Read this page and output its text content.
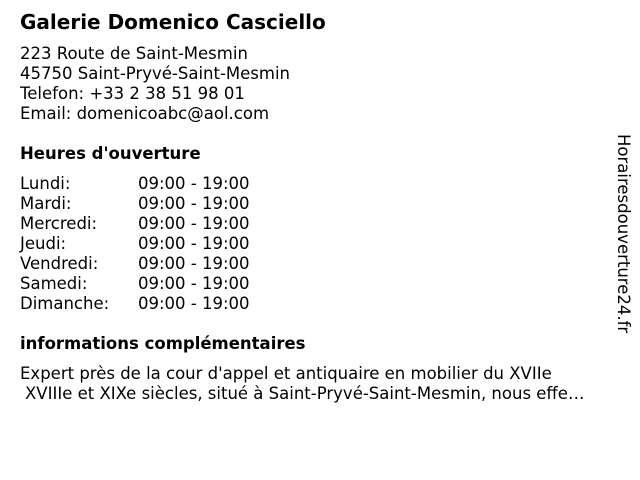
Galerie Domenico Casciello
223 Route de Saint-Mesmin
45750 Saint-Pryvé-Saint-Mesmin
Telefon: +33 2 38 51 98 01
Email: domenicoabc@aol.com
Heures d'ouverture
Lundi:	09:00 - 19:00
Mardi:	09:00 - 19:00
Mercredi: 09:00 - 19:00
Jeudi:	09:00 - 19:00
Vendredi: 09:00 - 19:00
Samedi:	09:00 - 19:00
Dimanche: 09:00 - 19:00
informations complémentaires
Expert près de la cour d'appel et antiquaire en mobilier du XVIIe
XVIIIe et XIXe siècles, situé à Saint-Pryvé-Saint-Mesmin, nous effe…
Horairesdouverture24.fr
